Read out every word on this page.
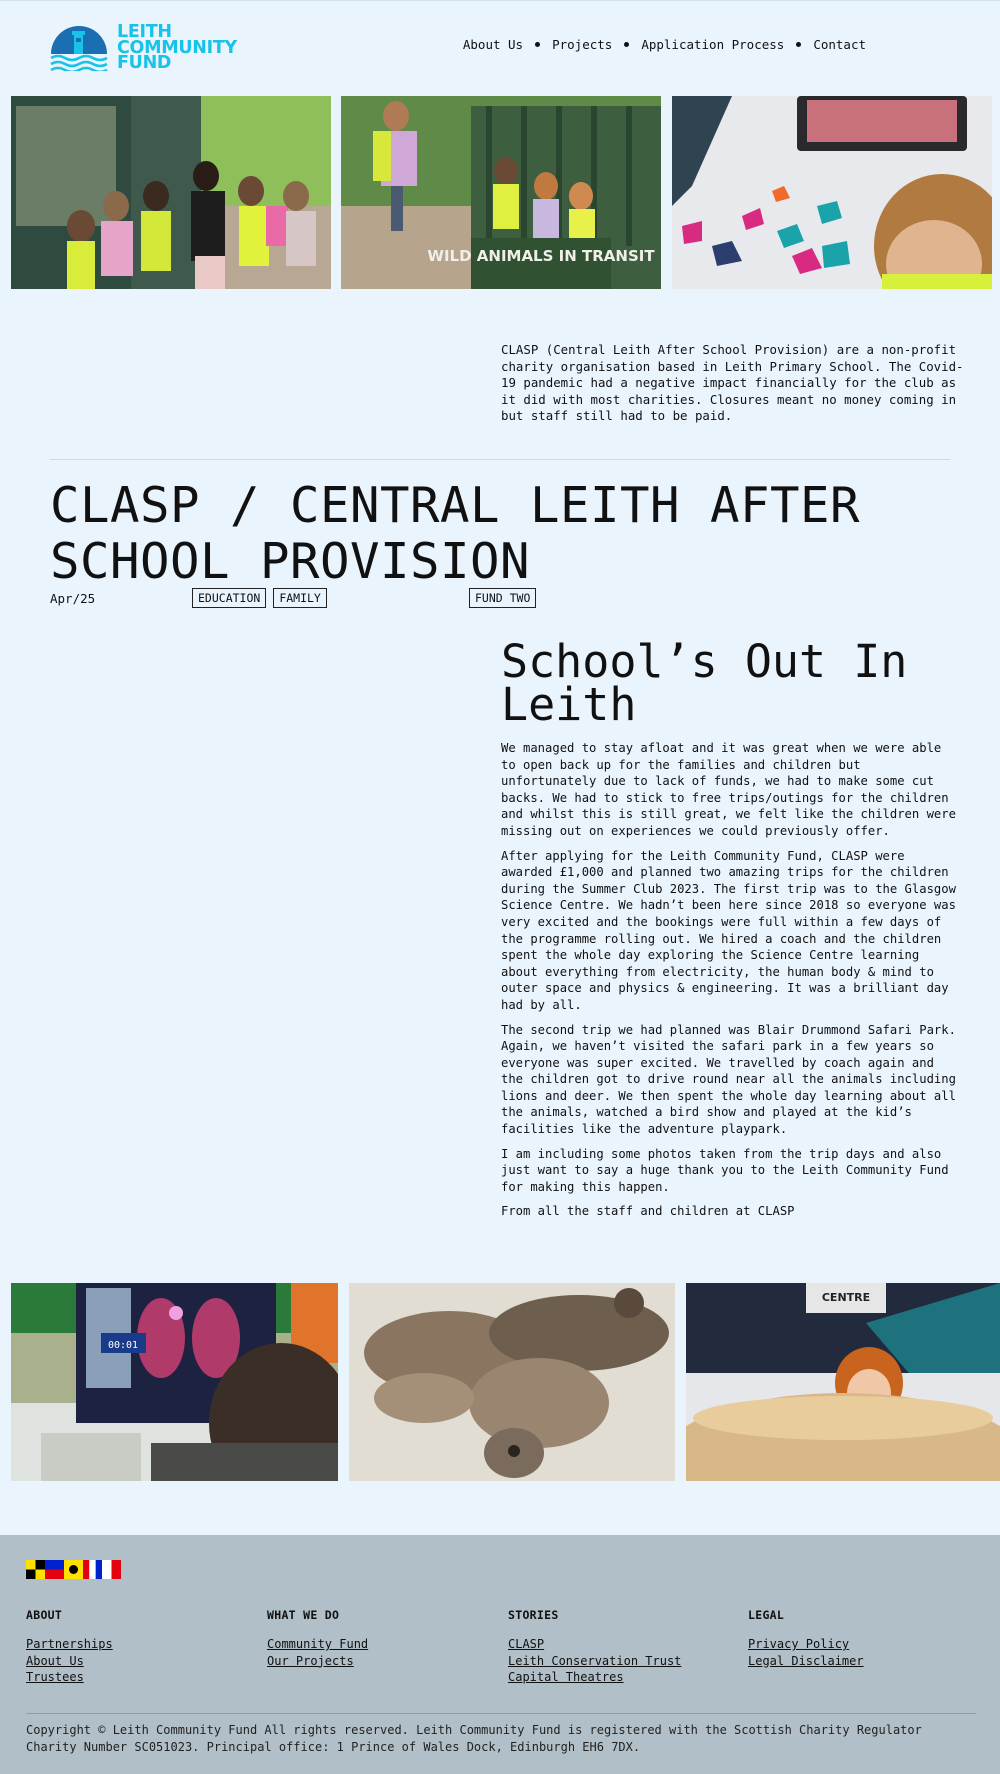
LEITH
COMMUNITY
FUND
About Us Projects Application Process Contact
WILD ANIMALS IN TRANSIT

CLASP (Central Leith After School Provision) are a non-profit charity organisation based in Leith Primary School. The Covid-19 pandemic had a negative impact financially for the club as it did with most charities. Closures meant no money coming in but staff still had to be paid.

CLASP / CENTRAL LEITH AFTER SCHOOL PROVISION
Apr/25	EDUCATION	FAMILY	FUND TWO
School’s Out In Leith

We managed to stay afloat and it was great when we were able to open back up for the families and children but unfortunately due to lack of funds, we had to make some cut backs. We had to stick to free trips/outings for the children and whilst this is still great, we felt like the children were missing out on experiences we could previously offer.

After applying for the Leith Community Fund, CLASP were awarded £1,000 and planned two amazing trips for the children during the Summer Club 2023. The first trip was to the Glasgow Science Centre. We hadn’t been here since 2018 so everyone was very excited and the bookings were full within a few days of the programme rolling out. We hired a coach and the children spent the whole day exploring the Science Centre learning about everything from electricity, the human body & mind to outer space and physics & engineering. It was a brilliant day had by all.

The second trip we had planned was Blair Drummond Safari Park. Again, we haven’t visited the safari park in a few years so everyone was super excited. We travelled by coach again and the children got to drive round near all the animals including lions and deer. We then spent the whole day learning about all the animals, watched a bird show and played at the kid’s facilities like the adventure playpark.

I am including some photos taken from the trip days and also just want to say a huge thank you to the Leith Community Fund for making this happen.

From all the staff and children at CLASP

00:01
CENTRE
ABOUT
Partnerships
About Us
Trustees
WHAT WE DO
Community Fund
Our Projects
STORIES
CLASP
Leith Conservation Trust
Capital Theatres
LEGAL
Privacy Policy
Legal Disclaimer

Copyright © Leith Community Fund All rights reserved. Leith Community Fund is registered with the Scottish Charity Regulator Charity Number SC051023. Principal office: 1 Prince of Wales Dock, Edinburgh EH6 7DX.
